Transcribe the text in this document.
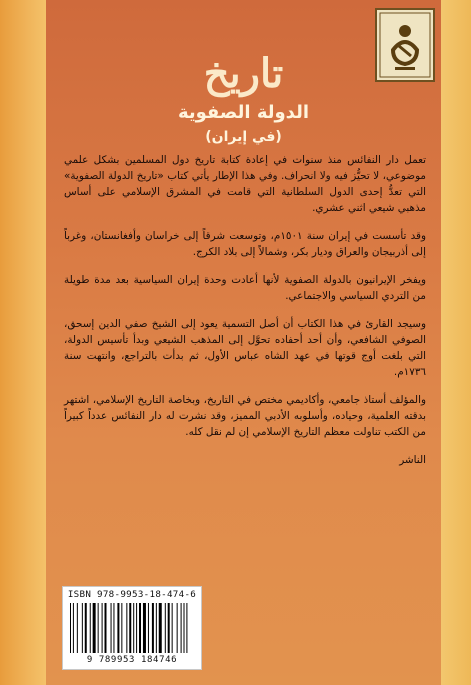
تاريخ
الدولة الصفوية
(في إيران)

تعمل دار النفائس منذ سنوات في إعادة كتابة تاريخ دول المسلمين بشكل علمي موضوعي، لا تحيُّز فيه ولا انحراف. وفي هذا الإطار يأتي كتاب «تاريخ الدولة الصفوية» التي تعدُّ إحدى الدول السلطانية التي قامت في المشرق الإسلامي على أساس مذهبي شيعي اثني عشري.

وقد تأسست في إيران سنة ١٥٠١م، وتوسعت شرقاً إلى خراسان وأفغانستان، وغرباً إلى أذربيجان والعراق وديار بكر، وشمالاً إلى بلاد الكرج.

ويفخر الإيرانيون بالدولة الصفوية لأنها أعادت وحدة إيران السياسية بعد مدة طويلة من التردي السياسي والاجتماعي.

وسيجد القارئ في هذا الكتاب أن أصل التسمية يعود إلى الشيخ صفي الدين إسحق، الصوفي الشافعي، وأن أحد أحفاده تحوَّل إلى المذهب الشيعي وبدأ تأسيس الدولة، التي بلغت أوج قوتها في عهد الشاه عباس الأول، ثم بدأت بالتراجع، وانتهت سنة ١٧٣٦م.

والمؤلف أستاذ جامعي، وأكاديمي مختص في التاريخ، وبخاصة التاريخ الإسلامي، اشتهر بدقته العلمية، وحياده، وأسلوبه الأدبي المميز، وقد نشرت له دار النفائس عدداً كبيراً من الكتب تناولت معظم التاريخ الإسلامي إن لم نقل كله.

الناشر

ISBN 978-9953-18-474-6
9 789953 184746
